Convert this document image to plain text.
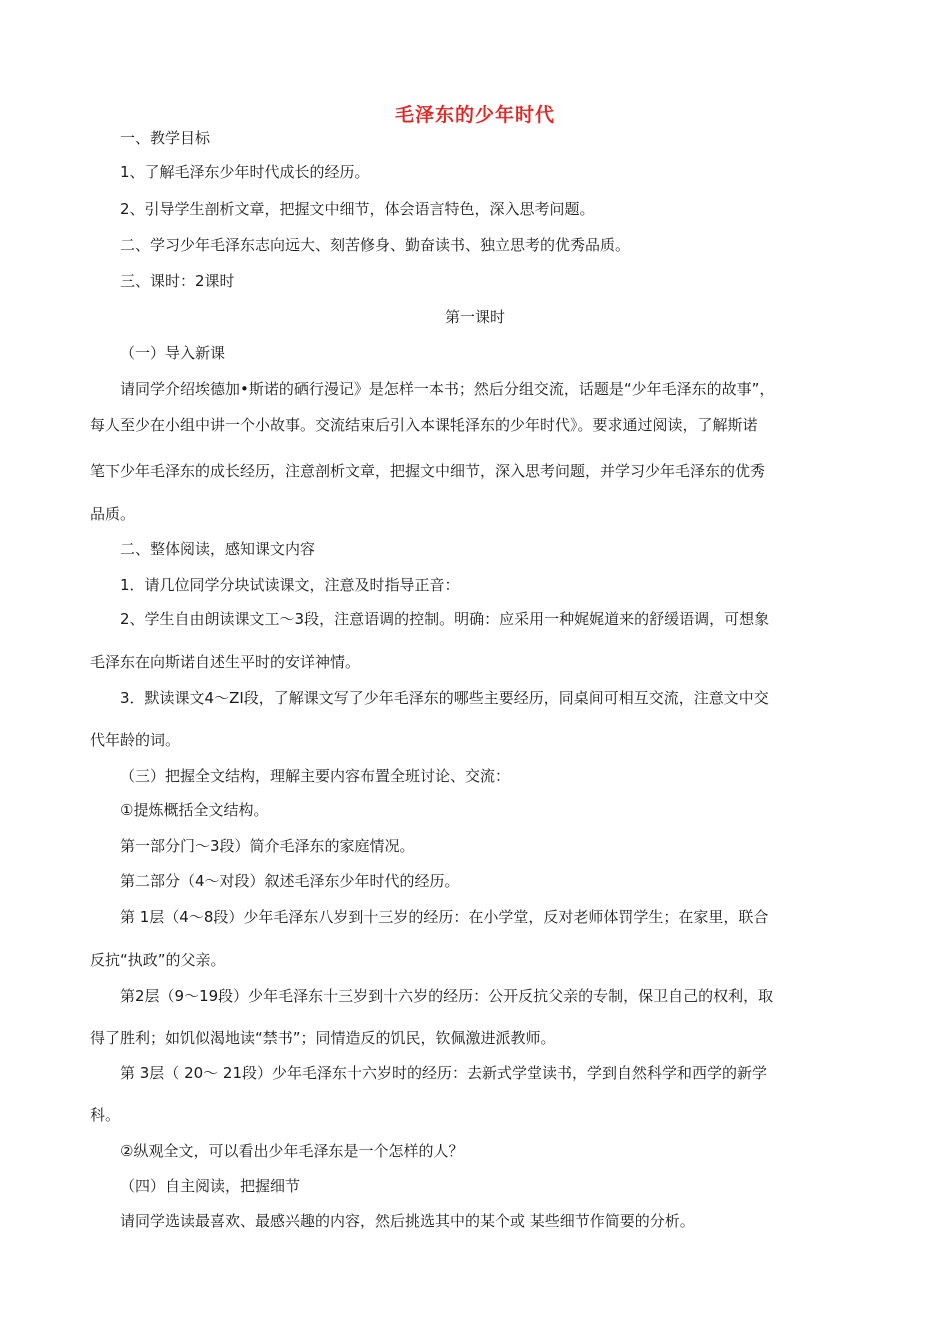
毛泽东的少年时代
一、教学目标
1、了解毛泽东少年时代成长的经历。
2、引导学生剖析文章，把握文中细节，体会语言特色，深入思考问题。
二、学习少年毛泽东志向远大、刻苦修身、勤奋读书、独立思考的优秀品质。
三、课时：2课时
第一课时
（一）导入新课
请同学介绍埃德加•斯诺的硒行漫记》是怎样一本书；然后分组交流，话题是“少年毛泽东的故事”，
每人至少在小组中讲一个小故事。交流结束后引入本课牦泽东的少年时代》。要求通过阅读，了解斯诺
笔下少年毛泽东的成长经历，注意剖析文章，把握文中细节，深入思考问题，并学习少年毛泽东的优秀
品质。
二、整体阅读，感知课文内容
1．请几位同学分块试读课文，注意及时指导正音：
2、学生自由朗读课文工～3段，注意语调的控制。明确：应采用一种娓娓道来的舒缓语调，可想象
毛泽东在向斯诺自述生平时的安详神情。
3．默读课文4～ZI段，了解课文写了少年毛泽东的哪些主要经历，同桌间可相互交流，注意文中交
代年龄的词。
（三）把握全文结构，理解主要内容布置全班讨论、交流：
①提炼概括全文结构。
第一部分门～3段）简介毛泽东的家庭情况。
第二部分（4～对段）叙述毛泽东少年时代的经历。
第 1层（4～8段）少年毛泽东八岁到十三岁的经历：在小学堂，反对老师体罚学生；在家里，联合
反抗“执政”的父亲。
第2层（9～19段）少年毛泽东十三岁到十六岁的经历：公开反抗父亲的专制，保卫自己的权利，取
得了胜利；如饥似渴地读“禁书”；同情造反的饥民，钦佩激进派教师。
第 3层（ 20～ 21段）少年毛泽东十六岁时的经历：去新式学堂读书，学到自然科学和西学的新学
科。
②纵观全文，可以看出少年毛泽东是一个怎样的人？
（四）自主阅读，把握细节
请同学选读最喜欢、最感兴趣的内容，然后挑选其中的某个或 某些细节作简要的分析。
